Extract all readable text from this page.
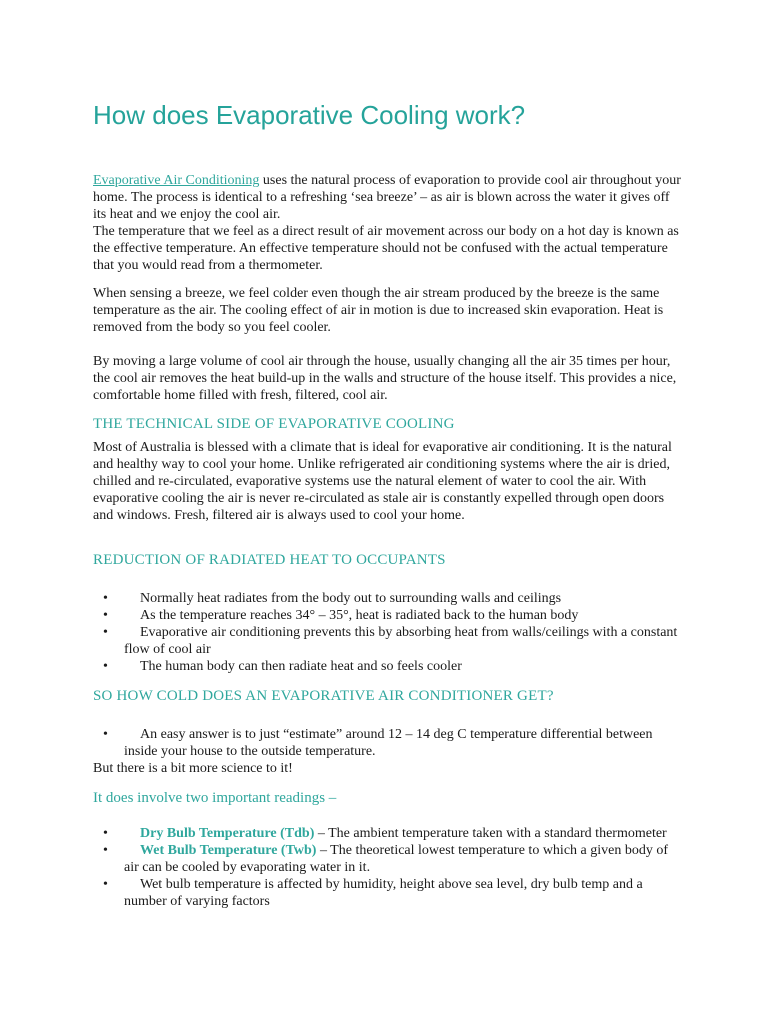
How does Evaporative Cooling work?

Evaporative Air Conditioning uses the natural process of evaporation to provide cool air throughout your home. The process is identical to a refreshing ‘sea breeze’ – as air is blown across the water it gives off its heat and we enjoy the cool air.

The temperature that we feel as a direct result of air movement across our body on a hot day is known as the effective temperature. An effective temperature should not be confused with the actual temperature that you would read from a thermometer.

When sensing a breeze, we feel colder even though the air stream produced by the breeze is the same temperature as the air. The cooling effect of air in motion is due to increased skin evaporation. Heat is removed from the body so you feel cooler.

By moving a large volume of cool air through the house, usually changing all the air 35 times per hour, the cool air removes the heat build-up in the walls and structure of the house itself. This provides a nice, comfortable home filled with fresh, filtered, cool air.

THE TECHNICAL SIDE OF EVAPORATIVE COOLING

Most of Australia is blessed with a climate that is ideal for evaporative air conditioning. It is the natural and healthy way to cool your home. Unlike refrigerated air conditioning systems where the air is dried, chilled and re-circulated, evaporative systems use the natural element of water to cool the air. With evaporative cooling the air is never re-circulated as stale air is constantly expelled through open doors and windows. Fresh, filtered air is always used to cool your home.

REDUCTION OF RADIATED HEAT TO OCCUPANTS
• Normally heat radiates from the body out to surrounding walls and ceilings
• As the temperature reaches 34° – 35°, heat is radiated back to the human body
• Evaporative air conditioning prevents this by absorbing heat from walls/ceilings with a constant flow of cool air
• The human body can then radiate heat and so feels cooler
SO HOW COLD DOES AN EVAPORATIVE AIR CONDITIONER GET?
• An easy answer is to just “estimate” around 12 – 14 deg C temperature differential between inside your house to the outside temperature.

But there is a bit more science to it!

It does involve two important readings –
• Dry Bulb Temperature (Tdb) – The ambient temperature taken with a standard thermometer
• Wet Bulb Temperature (Twb) – The theoretical lowest temperature to which a given body of air can be cooled by evaporating water in it.
• Wet bulb temperature is affected by humidity, height above sea level, dry bulb temp and a number of varying factors
